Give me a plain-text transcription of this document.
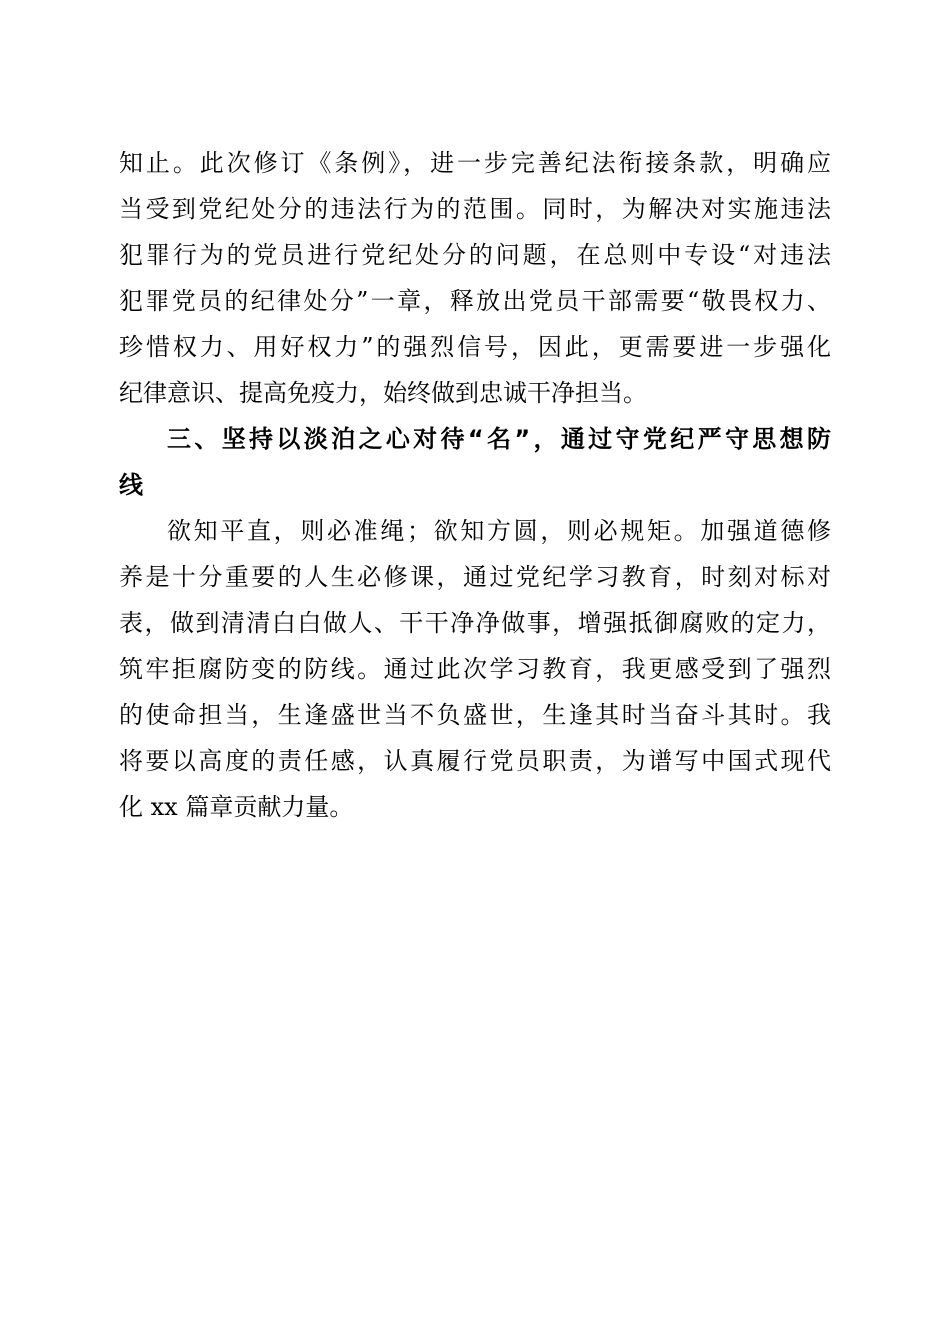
知止。此次修订《条例》，进一步完善纪法衔接条款，明确应
当受到党纪处分的违法行为的范围。同时，为解决对实施违法
犯罪行为的党员进行党纪处分的问题，在总则中专设“对违法
犯罪党员的纪律处分”一章，释放出党员干部需要“敬畏权力、
珍惜权力、用好权力”的强烈信号，因此，更需要进一步强化
纪律意识、提高免疫力，始终做到忠诚干净担当。
三、坚持以淡泊之心对待“名”，通过守党纪严守思想防
线
欲知平直，则必准绳；欲知方圆，则必规矩。加强道德修
养是十分重要的人生必修课，通过党纪学习教育，时刻对标对
表，做到清清白白做人、干干净净做事，增强抵御腐败的定力，
筑牢拒腐防变的防线。通过此次学习教育，我更感受到了强烈
的使命担当，生逢盛世当不负盛世，生逢其时当奋斗其时。我
将要以高度的责任感，认真履行党员职责，为谱写中国式现代
化 xx 篇章贡献力量。
